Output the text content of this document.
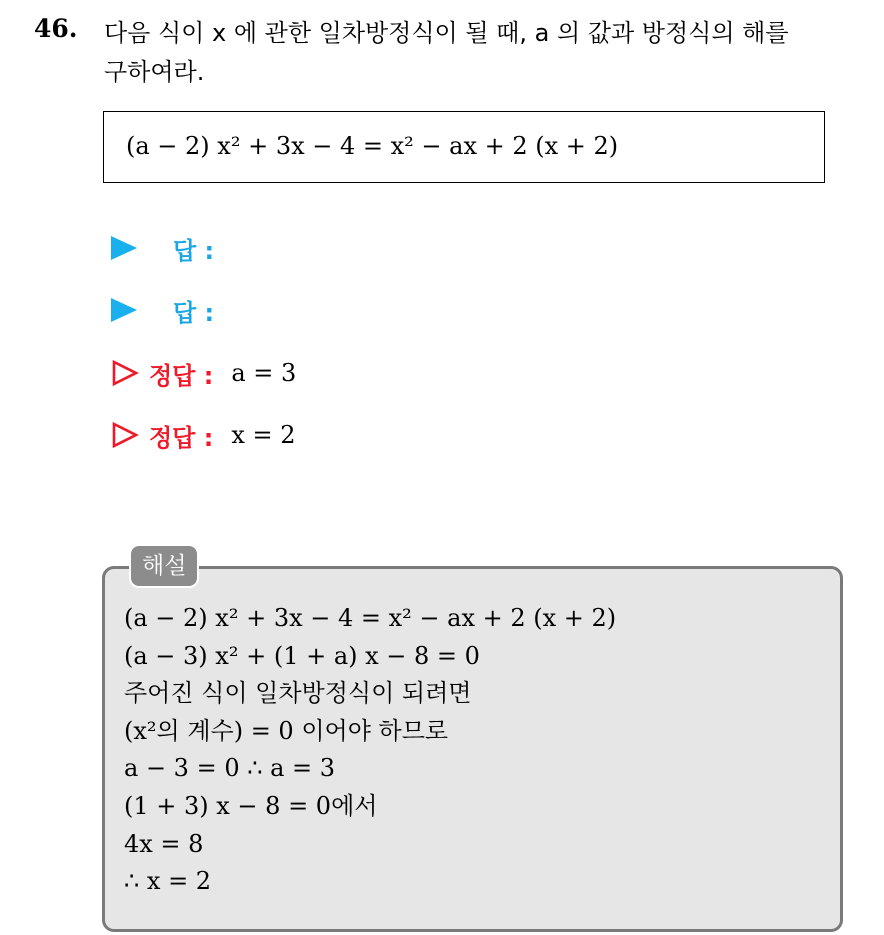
46. 다음 식이 x 에 관한 일차방정식이 될 때, a 의 값과 방정식의 해를
구하여라.
(a − 2) x² + 3x − 4 = x² − ax + 2 (x + 2)
답 :
답 :
정답 : a = 3
정답 : x = 2
해설
(a − 2) x² + 3x − 4 = x² − ax + 2 (x + 2)
(a − 3) x² + (1 + a) x − 8 = 0
주어진 식이 일차방정식이 되려면
(x²의 계수) = 0 이어야 하므로
a − 3 = 0 ∴ a = 3
(1 + 3) x − 8 = 0에서
4x = 8
∴ x = 2
